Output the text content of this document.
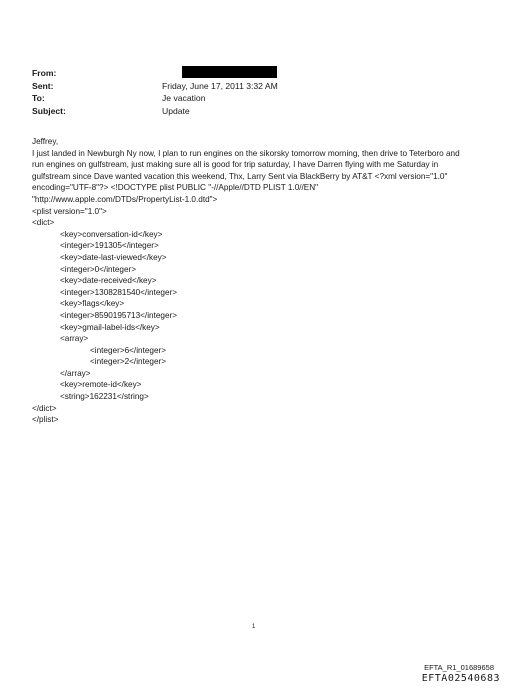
From:
Sent:	Friday, June 17, 2011 3:32 AM
To:	Je vacation
Subject:	Update
Jeffrey,
I just landed in Newburgh Ny now, I plan to run engines on the sikorsky tomorrow morning, then drive to Teterboro and
run engines on gulfstream, just making sure all is good for trip saturday, I have Darren flying with me Saturday in
gulfstream since Dave wanted vacation this weekend, Thx, Larry Sent via BlackBerry by AT&T <?xml version="1.0"
encoding="UTF-8"?> <!DOCTYPE plist PUBLIC "-//Apple//DTD PLIST 1.0//EN"
"http://www.apple.com/DTDs/PropertyList-1.0.dtd">
<plist version="1.0">
<dict>
<key>conversation-id</key>
<integer>191305</integer>
<key>date-last-viewed</key>
<integer>0</integer>
<key>date-received</key>
<integer>1308281540</integer>
<key>flags</key>
<integer>8590195713</integer>
<key>gmail-label-ids</key>
<array>
<integer>6</integer>
<integer>2</integer>
</array>
<key>remote-id</key>
<string>162231</string>
</dict>
</plist>
1
EFTA_R1_01689658
EFTA02540683
